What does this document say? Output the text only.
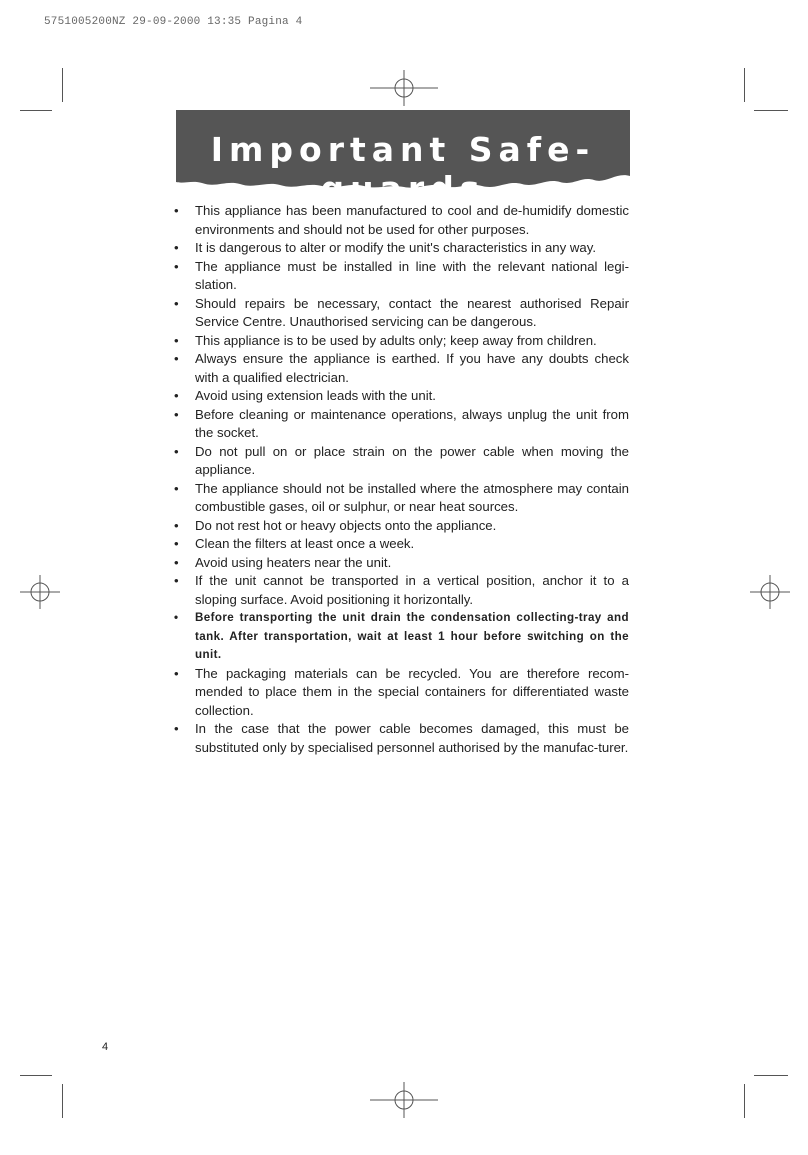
5751005200NZ 29-09-2000 13:35 Pagina 4
Important Safe-guards
• This appliance has been manufactured to cool and de-humidify domestic environments and should not be used for other purposes.
• It is dangerous to alter or modify the unit's characteristics in any way.
• The appliance must be installed in line with the relevant national legi-slation.
• Should repairs be necessary, contact the nearest authorised Repair Service Centre. Unauthorised servicing can be dangerous.
• This appliance is to be used by adults only; keep away from children.
• Always ensure the appliance is earthed. If you have any doubts check with a qualified electrician.
• Avoid using extension leads with the unit.
• Before cleaning or maintenance operations, always unplug the unit from the socket.
• Do not pull on or place strain on the power cable when moving the appliance.
• The appliance should not be installed where the atmosphere may contain combustible gases, oil or sulphur, or near heat sources.
• Do not rest hot or heavy objects onto the appliance.
• Clean the filters at least once a week.
• Avoid using heaters near the unit.
• If the unit cannot be transported in a vertical position, anchor it to a sloping surface. Avoid positioning it horizontally.
• Before transporting the unit drain the condensation collecting-tray and tank. After transportation, wait at least 1 hour before switching on the unit.
• The packaging materials can be recycled. You are therefore recom-mended to place them in the special containers for differentiated waste collection.
• In the case that the power cable becomes damaged, this must be substituted only by specialised personnel authorised by the manufac-turer.
4
